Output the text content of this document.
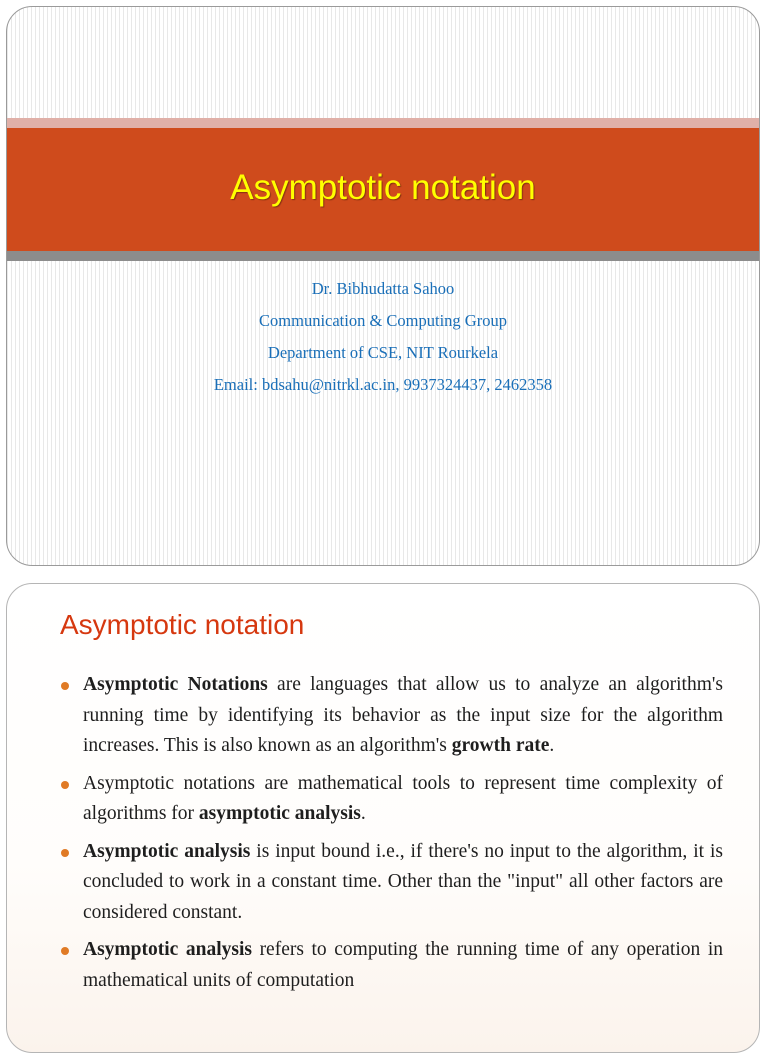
Asymptotic notation
Dr. Bibhudatta Sahoo
Communication & Computing Group
Department of CSE, NIT Rourkela
Email: bdsahu@nitrkl.ac.in, 9937324437, 2462358
Asymptotic notation
Asymptotic Notations are languages that allow us to analyze an algorithm's running time by identifying its behavior as the input size for the algorithm increases. This is also known as an algorithm's growth rate.
Asymptotic notations are mathematical tools to represent time complexity of algorithms for asymptotic analysis.
Asymptotic analysis is input bound i.e., if there's no input to the algorithm, it is concluded to work in a constant time. Other than the "input" all other factors are considered constant.
Asymptotic analysis refers to computing the running time of any operation in mathematical units of computation
